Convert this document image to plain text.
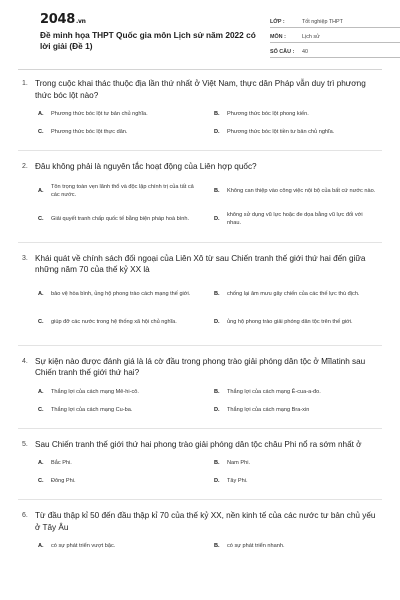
2048.vn
Đề minh họa THPT Quốc gia môn Lịch sử năm 2022 có lời giải (Đề 1)
LỚP :	Tốt nghiệp THPT
MÔN :	Lịch sử
SỐ CÂU :	40
1. Trong cuộc khai thác thuộc địa lần thứ nhất ở Việt Nam, thực dân Pháp vẫn duy trì phương thức bóc lột nào?
A.	Phương thức bóc lột tư bản chủ nghĩa.	B.	Phương thức bóc lột phong kiến.
C.	Phương thức bóc lột thực dân.	D.	Phương thức bóc lột tiền tư bản chủ nghĩa.
2. Đâu không phải là nguyên tắc hoạt động của Liên hợp quốc?
A.
Tôn trọng toàn vẹn lãnh thổ và độc lập chính trị của tất cả các nước.
B.	Không can thiệp vào công việc nội bộ của bất cứ nước nào.
C.	Giải quyết tranh chấp quốc tế bằng biện pháp hoà bình.	D.
không sử dụng vũ lực hoặc đe dọa bằng vũ lực đối với nhau.
3. Khái quát về chính sách đối ngoại của Liên Xô từ sau Chiến tranh thế giới thứ hai đến giữa những năm 70 của thế kỷ XX là
A.	bảo vệ hòa bình, ủng hộ phong trào cách mạng thế giới.	B.	chống lại âm mưu gây chiến của các thế lực thù địch.
C.	giúp đỡ các nước trong hệ thống xã hội chủ nghĩa.	D.	ủng hộ phong trào giải phóng dân tộc trên thế giới.
4. Sự kiện nào được đánh giá là lá cờ đầu trong phong trào giải phóng dân tộc ở Mĩlatinh sau Chiến tranh thế giới thứ hai?
A.	Thắng lợi của cách mạng Mê-hi-cô.	B.	Thắng lợi của cách mạng Ê-cua-a-đo.
C.	Thắng lợi của cách mạng Cu-ba.	D.	Thắng lợi của cách mạng Bra-xin
5. Sau Chiến tranh thế giới thứ hai phong trào giải phóng dân tộc châu Phi nổ ra sớm nhất ở
A.	Bắc Phi.	B.	Nam Phi.
C.	Đông Phi.	D.	Tây Phi.
6. Từ đầu thập kỉ 50 đến đầu thập kỉ 70 của thế kỷ XX, nền kinh tế của các nước tư bản chủ yếu ở Tây Âu
A.	có sự phát triển vượt bậc.	B.	có sự phát triển nhanh.
